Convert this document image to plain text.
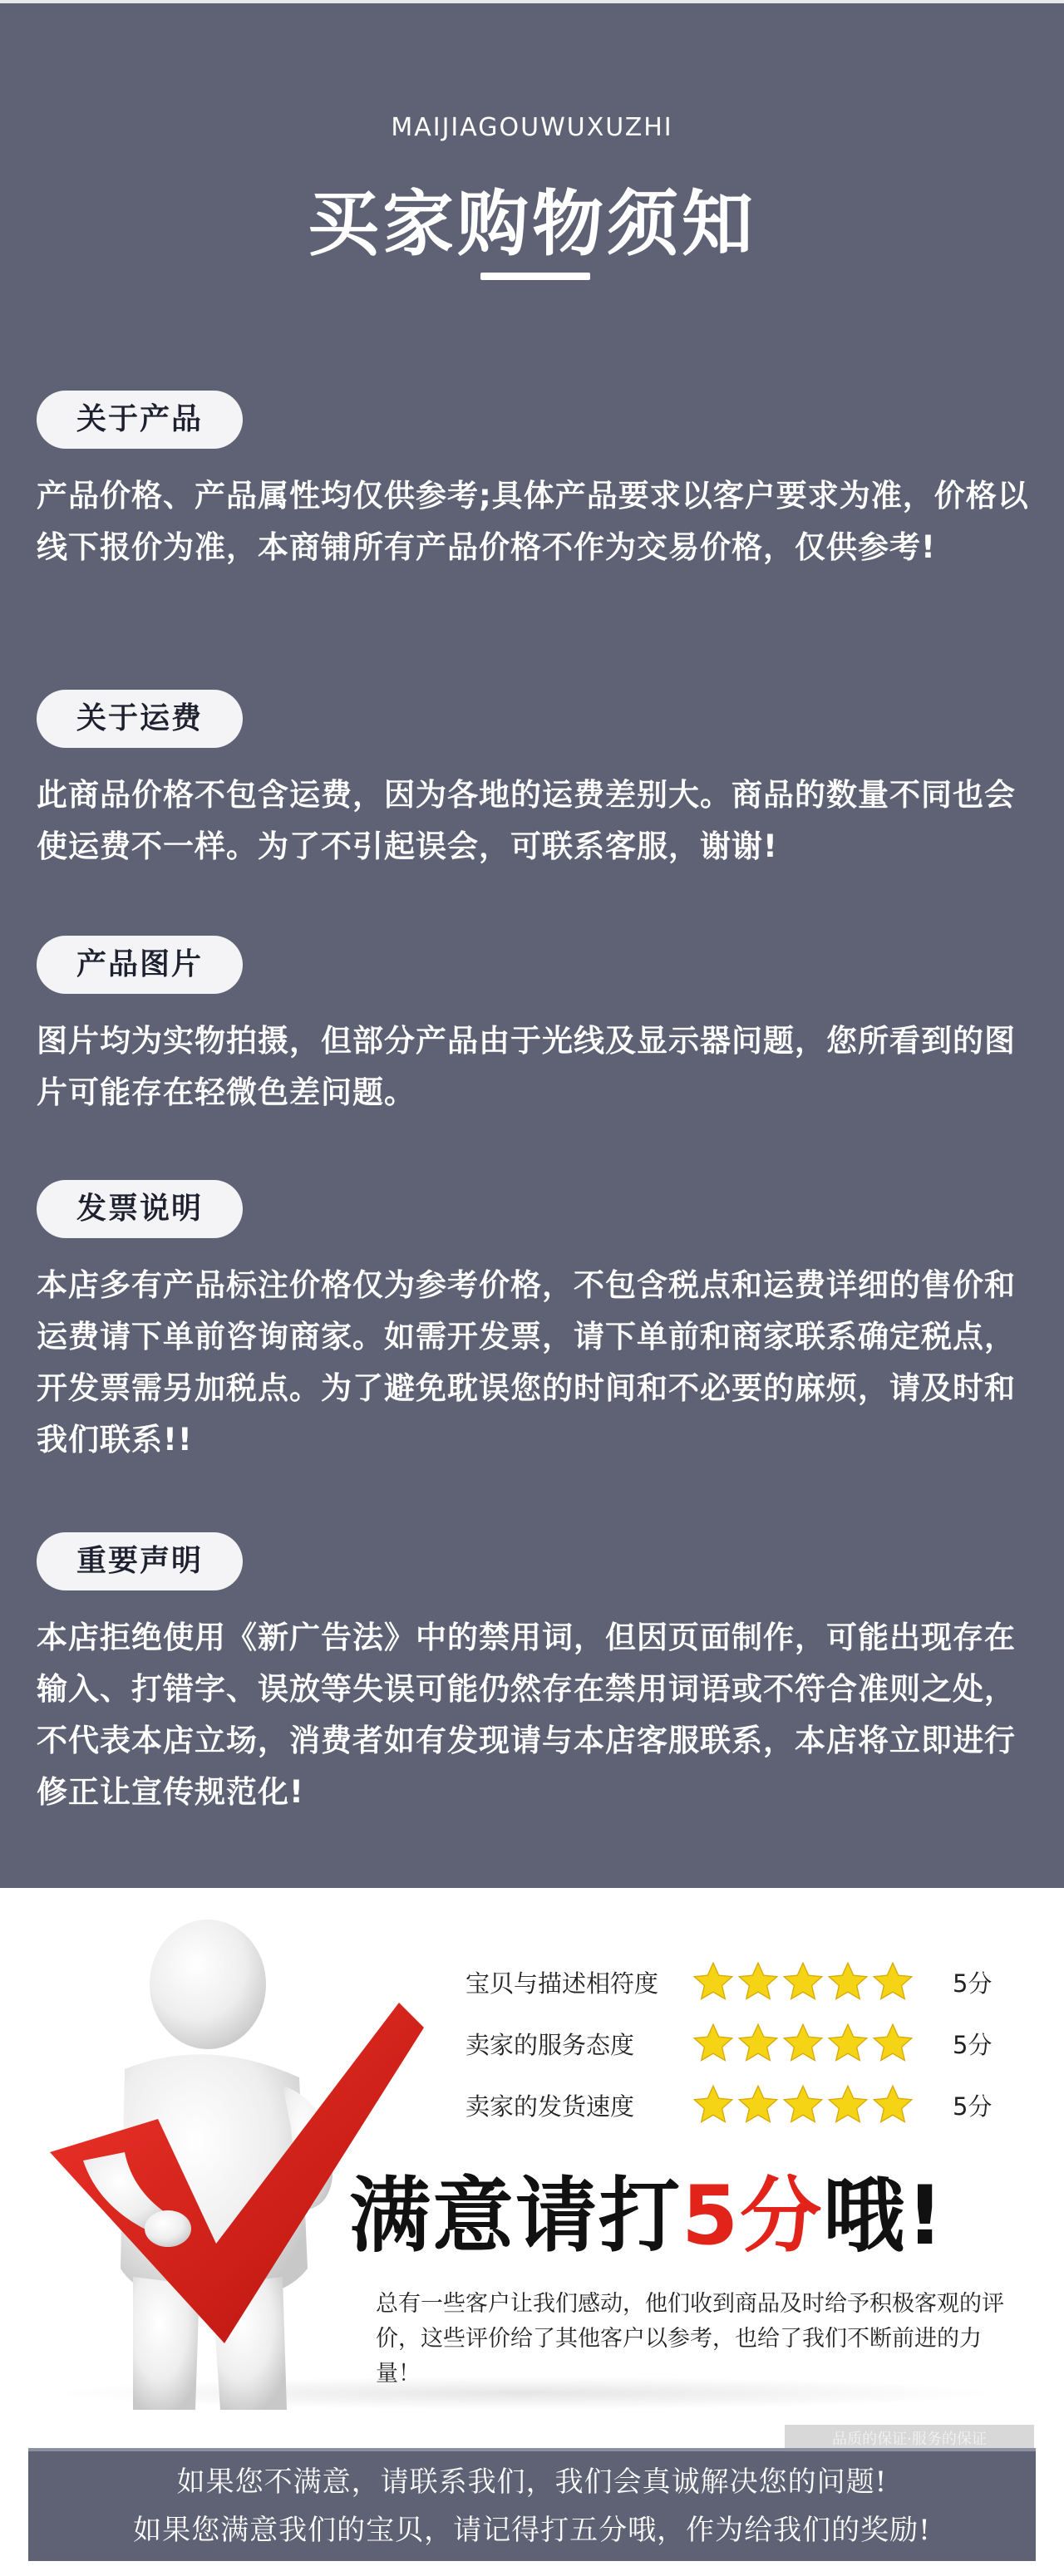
MAIJIAGOUWUXUZHI
买家购物须知
关于产品
产品价格、产品属性均仅供参考;具体产品要求以客户要求为准，价格以线下报价为准，本商铺所有产品价格不作为交易价格，仅供参考!
关于运费
此商品价格不包含运费，因为各地的运费差别大。商品的数量不同也会使运费不一样。为了不引起误会，可联系客服，谢谢!
产品图片
图片均为实物拍摄，但部分产品由于光线及显示器问题，您所看到的图片可能存在轻微色差问题。
发票说明
本店多有产品标注价格仅为参考价格，不包含税点和运费详细的售价和运费请下单前咨询商家。如需开发票，请下单前和商家联系确定税点，开发票需另加税点。为了避免耽误您的时间和不必要的麻烦，请及时和我们联系!!
重要声明
本店拒绝使用《新广告法》中的禁用词，但因页面制作，可能出现存在输入、打错字、误放等失误可能仍然存在禁用词语或不符合准则之处，不代表本店立场，消费者如有发现请与本店客服联系，本店将立即进行修正让宣传规范化!
宝贝与描述相符度	5分
卖家的服务态度	5分
卖家的发货速度	5分
满意请打5分哦!
总有一些客户让我们感动，他们收到商品及时给予积极客观的评价，这些评价给了其他客户以参考，也给了我们不断前进的力量！
品质的保证·服务的保证
如果您不满意，请联系我们，我们会真诚解决您的问题!
如果您满意我们的宝贝，请记得打五分哦，作为给我们的奖励!
